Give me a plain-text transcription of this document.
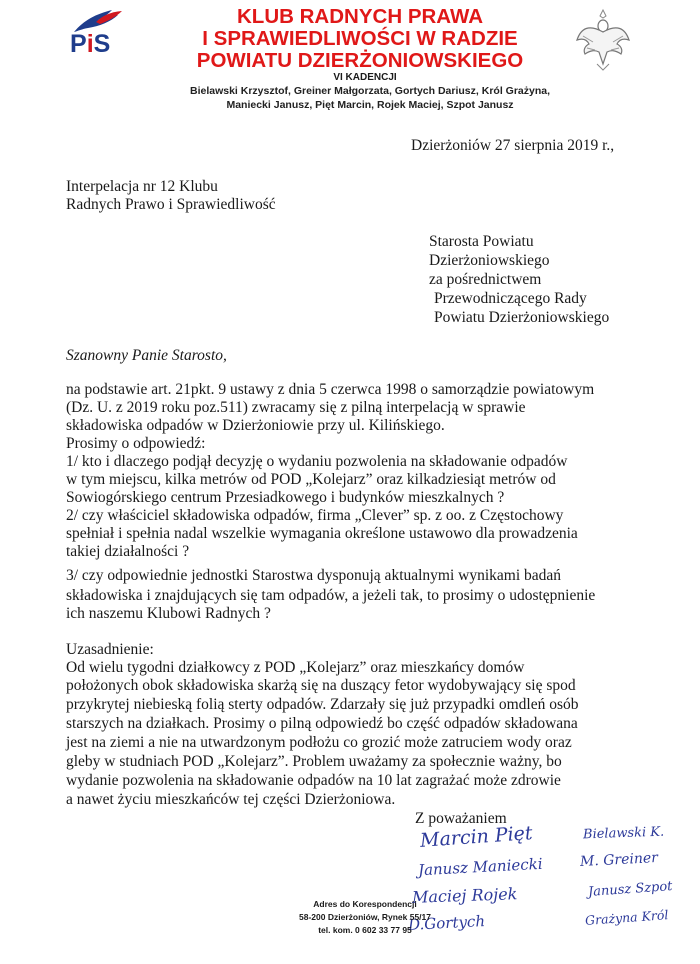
PiS
KLUB RADNYCH PRAWA
I SPRAWIEDLIWOŚCI W RADZIE
POWIATU DZIERŻONIOWSKIEGO
VI KADENCJI
Bielawski Krzysztof, Greiner Małgorzata, Gortych Dariusz, Król Grażyna,
Maniecki Janusz, Pięt Marcin, Rojek Maciej, Szpot Janusz
Dzierżoniów 27 sierpnia 2019 r.,
Interpelacja nr 12 Klubu
Radnych Prawo i Sprawiedliwość
Starosta Powiatu
Dzierżoniowskiego
za pośrednictwem
Przewodniczącego Rady
Powiatu Dzierżoniowskiego
Szanowny Panie Starosto,
na podstawie art. 21pkt. 9 ustawy z dnia 5 czerwca 1998 o samorządzie powiatowym
(Dz. U. z 2019 roku poz.511) zwracamy się z pilną interpelacją w sprawie
składowiska odpadów w Dzierżoniowie przy ul. Kilińskiego.
Prosimy o odpowiedź:
1/ kto i dlaczego podjął decyzję o wydaniu pozwolenia na składowanie odpadów
w tym miejscu, kilka metrów od POD „Kolejarz” oraz kilkadziesiąt metrów od
Sowiogórskiego centrum Przesiadkowego i budynków mieszkalnych ?
2/ czy właściciel składowiska odpadów, firma „Clever” sp. z oo. z Częstochowy
spełniał i spełnia nadal wszelkie wymagania określone ustawowo dla prowadzenia
takiej działalności ?
3/ czy odpowiednie jednostki Starostwa dysponują aktualnymi wynikami badań
składowiska i znajdujących się tam odpadów, a jeżeli tak, to prosimy o udostępnienie
ich naszemu Klubowi Radnych ?
Uzasadnienie:
Od wielu tygodni działkowcy z POD „Kolejarz” oraz mieszkańcy domów
położonych obok składowiska skarżą się na duszący fetor wydobywający się spod
przykrytej niebieską folią sterty odpadów. Zdarzały się już przypadki omdleń osób
starszych na działkach. Prosimy o pilną odpowiedź bo część odpadów składowana
jest na ziemi a nie na utwardzonym podłożu co grozić może zatruciem wody oraz
gleby w studniach POD „Kolejarz”. Problem uważamy za społecznie ważny, bo
wydanie pozwolenia na składowanie odpadów na 10 lat zagrażać może zdrowie
a nawet życiu mieszkańców tej części Dzierżoniowa.
Z poważaniem
Marcin Pięt
Janusz Maniecki
Maciej Rojek
D.Gortych
Bielawski K.
M. Greiner
Janusz Szpot
Grażyna Król
Adres do Korespondencji
58-200 Dzierżoniów, Rynek 55/17
tel. kom. 0 602 33 77 95
